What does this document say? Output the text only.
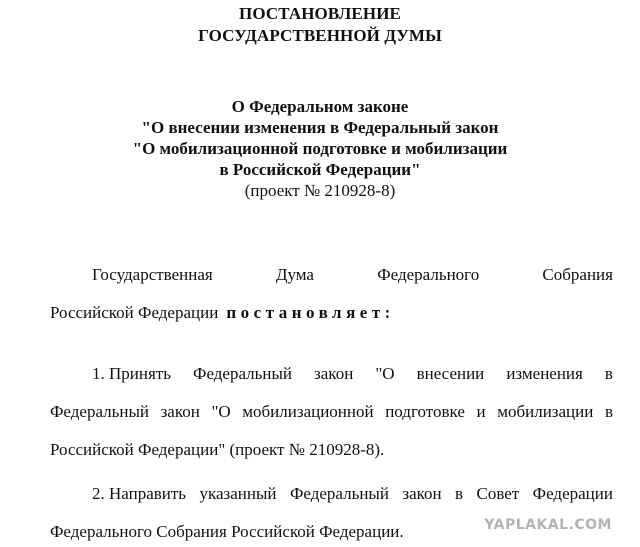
ПОСТАНОВЛЕНИЕ
ГОСУДАРСТВЕННОЙ ДУМЫ
О Федеральном законе
"О внесении изменения в Федеральный закон
"О мобилизационной подготовке и мобилизации
в Российской Федерации"
(проект № 210928-8)
Государственная	Дума	Федерального	Собрания
Российской Федерации постановляет:
1. Принять Федеральный закон "О внесении изменения в
Федеральный закон "О мобилизационной подготовке и мобилизации в
Российской Федерации" (проект № 210928-8).
2. Направить указанный Федеральный закон в Совет Федерации
Федерального Собрания Российской Федерации.	YAPLAKAL.COM
